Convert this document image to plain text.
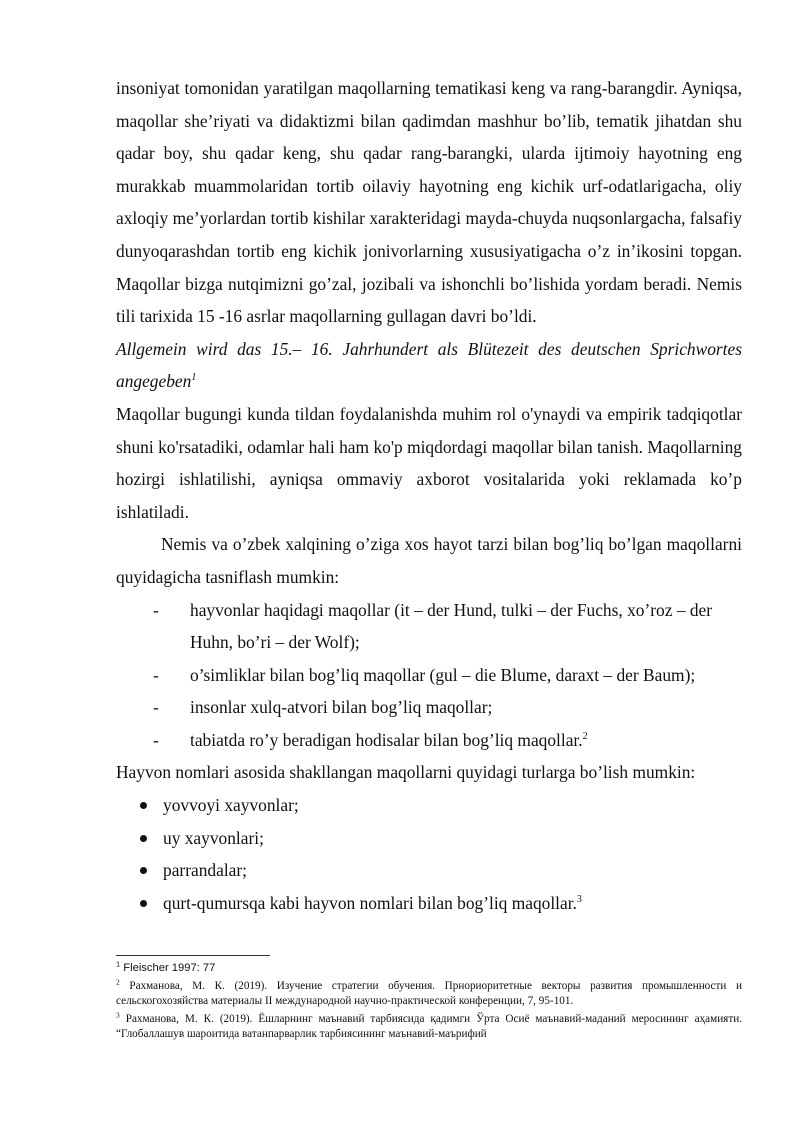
insoniyat tomonidan yaratilgan maqollarning tematikasi keng va rang-barangdir. Ayniqsa, maqollar she’riyati va didaktizmi bilan qadimdan mashhur bo’lib, tematik jihatdan shu qadar boy, shu qadar keng, shu qadar rang-barangki, ularda ijtimoiy hayotning eng murakkab muammolaridan tortib oilaviy hayotning eng kichik urf-odatlarigacha, oliy axloqiy me’yorlardan tortib kishilar xarakteridagi mayda-chuyda nuqsonlargacha, falsafiy dunyoqarashdan tortib eng kichik jonivorlarning xususiyatigacha o’z in’ikosini topgan. Maqollar bizga nutqimizni go’zal, jozibali va ishonchli bo’lishida yordam beradi. Nemis tili tarixida 15 -16 asrlar maqollarning gullagan davri bo’ldi.

Allgemein wird das 15.– 16. Jahrhundert als Blütezeit des deutschen Sprichwortes angegeben$^1$

Maqollar bugungi kunda tildan foydalanishda muhim rol o'ynaydi va empirik tadqiqotlar shuni ko'rsatadiki, odamlar hali ham ko'p miqdordagi maqollar bilan tanish. Maqollarning hozirgi ishlatilishi, ayniqsa ommaviy axborot vositalarida yoki reklamada ko’p ishlatiladi.

Nemis va o’zbek xalqining o’ziga xos hayot tarzi bilan bog’liq bo’lgan maqollarni quyidagicha tasniflash mumkin:

- hayvonlar haqidagi maqollar (it – der Hund, tulki – der Fuchs, xo’roz – der Huhn, bo’ri – der Wolf);

- o’simliklar bilan bog’liq maqollar (gul – die Blume, daraxt – der Baum);

- insonlar xulq-atvori bilan bog’liq maqollar;

- tabiatda ro’y beradigan hodisalar bilan bog’liq maqollar.$^2$

Hayvon nomlari asosida shakllangan maqollarni quyidagi turlarga bo’lish mumkin:

yovvoyi xayvonlar;

uy xayvonlari;

parrandalar;

qurt-qumursqa kabi hayvon nomlari bilan bog’liq maqollar.$^3$

$^1$ Fleischer 1997: 77

$^2$ Рахманова, М. К. (2019). Изучение стратегии обучения. Прнориоритетные векторы развития промышленности и сельскогохозяйства материалы II международной научно-практической конференции, 7, 95-101.

$^3$ Рахманова, М. К. (2019). Ёшларнинг маънавий тарбиясида қадимги Ўрта Осиё маънавий-маданий меросининг аҳамияти. “Глобаллашув шароитида ватанпарварлик тарбиясининг маънавий-маърифий
